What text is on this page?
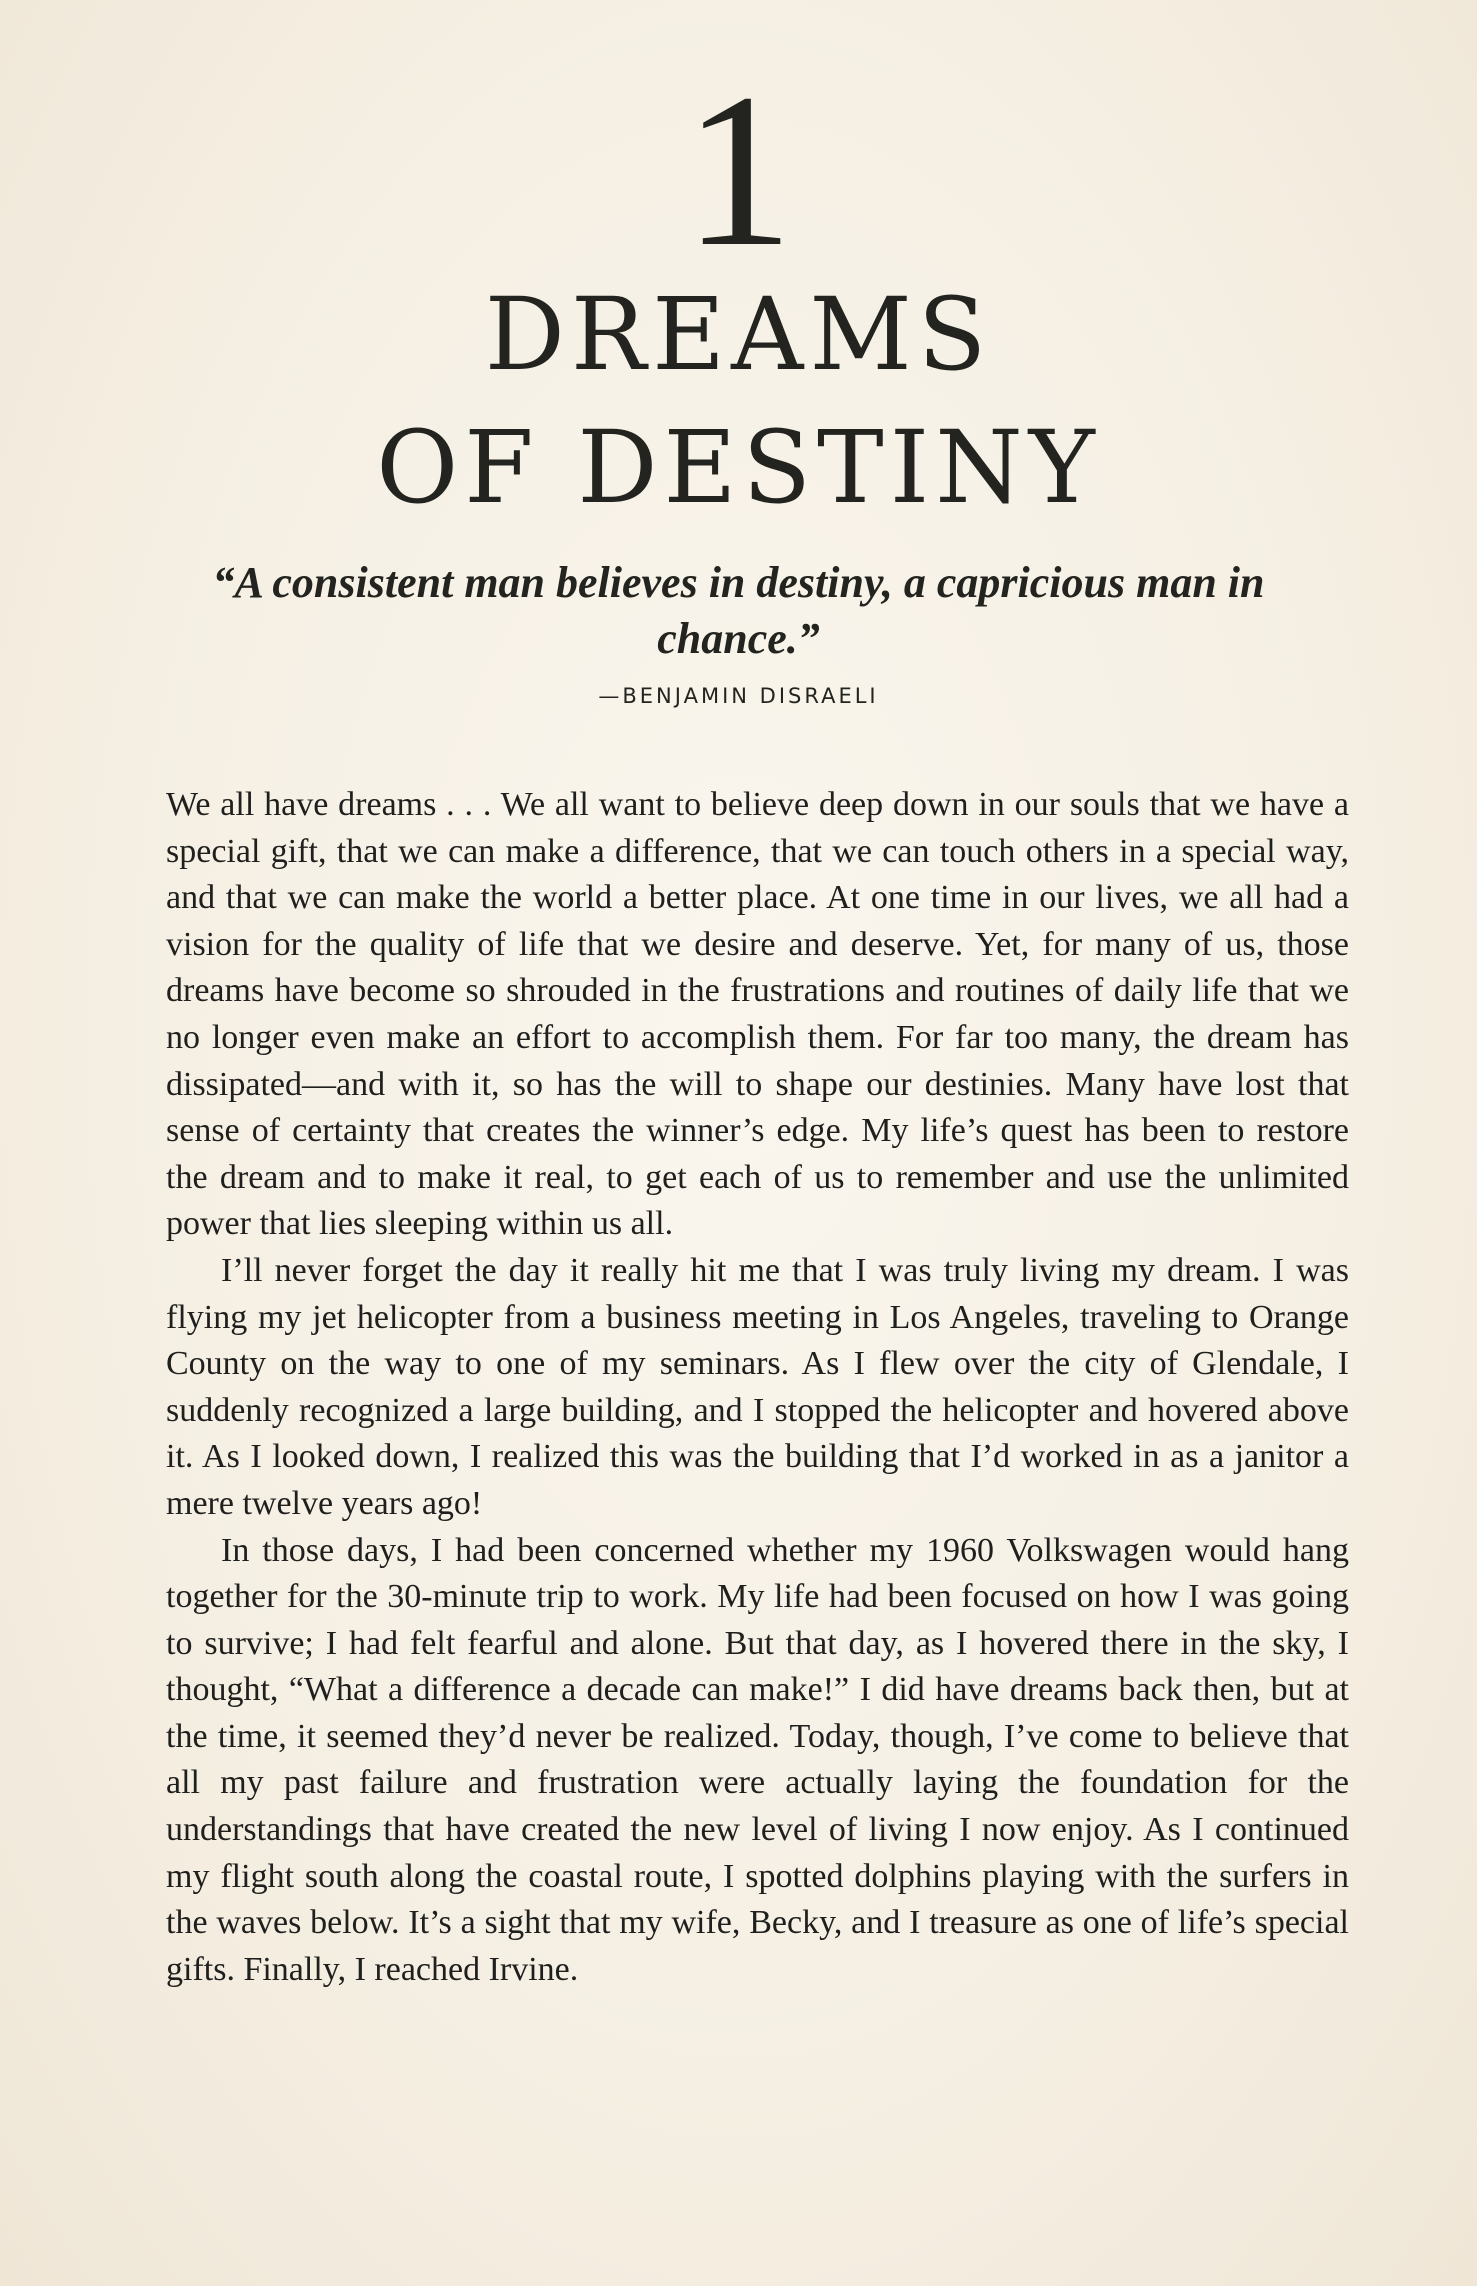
1
DREAMS
OF DESTINY
“A consistent man believes in destiny, a capricious man in chance.”
—BENJAMIN DISRAELI

We all have dreams . . . We all want to believe deep down in our souls that we have a special gift, that we can make a difference, that we can touch others in a special way, and that we can make the world a better place. At one time in our lives, we all had a vision for the quality of life that we desire and deserve. Yet, for many of us, those dreams have become so shrouded in the frustrations and routines of daily life that we no longer even make an effort to accomplish them. For far too many, the dream has dissipated—and with it, so has the will to shape our destinies. Many have lost that sense of certainty that creates the winner’s edge. My life’s quest has been to restore the dream and to make it real, to get each of us to remember and use the unlimited power that lies sleeping within us all.

I’ll never forget the day it really hit me that I was truly living my dream. I was flying my jet helicopter from a business meeting in Los Angeles, traveling to Orange County on the way to one of my seminars. As I flew over the city of Glendale, I suddenly recognized a large building, and I stopped the helicopter and hovered above it. As I looked down, I realized this was the building that I’d worked in as a janitor a mere twelve years ago!

In those days, I had been concerned whether my 1960 Volkswagen would hang together for the 30-minute trip to work. My life had been focused on how I was going to survive; I had felt fearful and alone. But that day, as I hovered there in the sky, I thought, “What a difference a decade can make!” I did have dreams back then, but at the time, it seemed they’d never be realized. Today, though, I’ve come to believe that all my past failure and frustration were actually laying the foundation for the understandings that have created the new level of living I now enjoy. As I continued my flight south along the coastal route, I spotted dolphins playing with the surfers in the waves below. It’s a sight that my wife, Becky, and I treasure as one of life’s special gifts. Finally, I reached Irvine.
